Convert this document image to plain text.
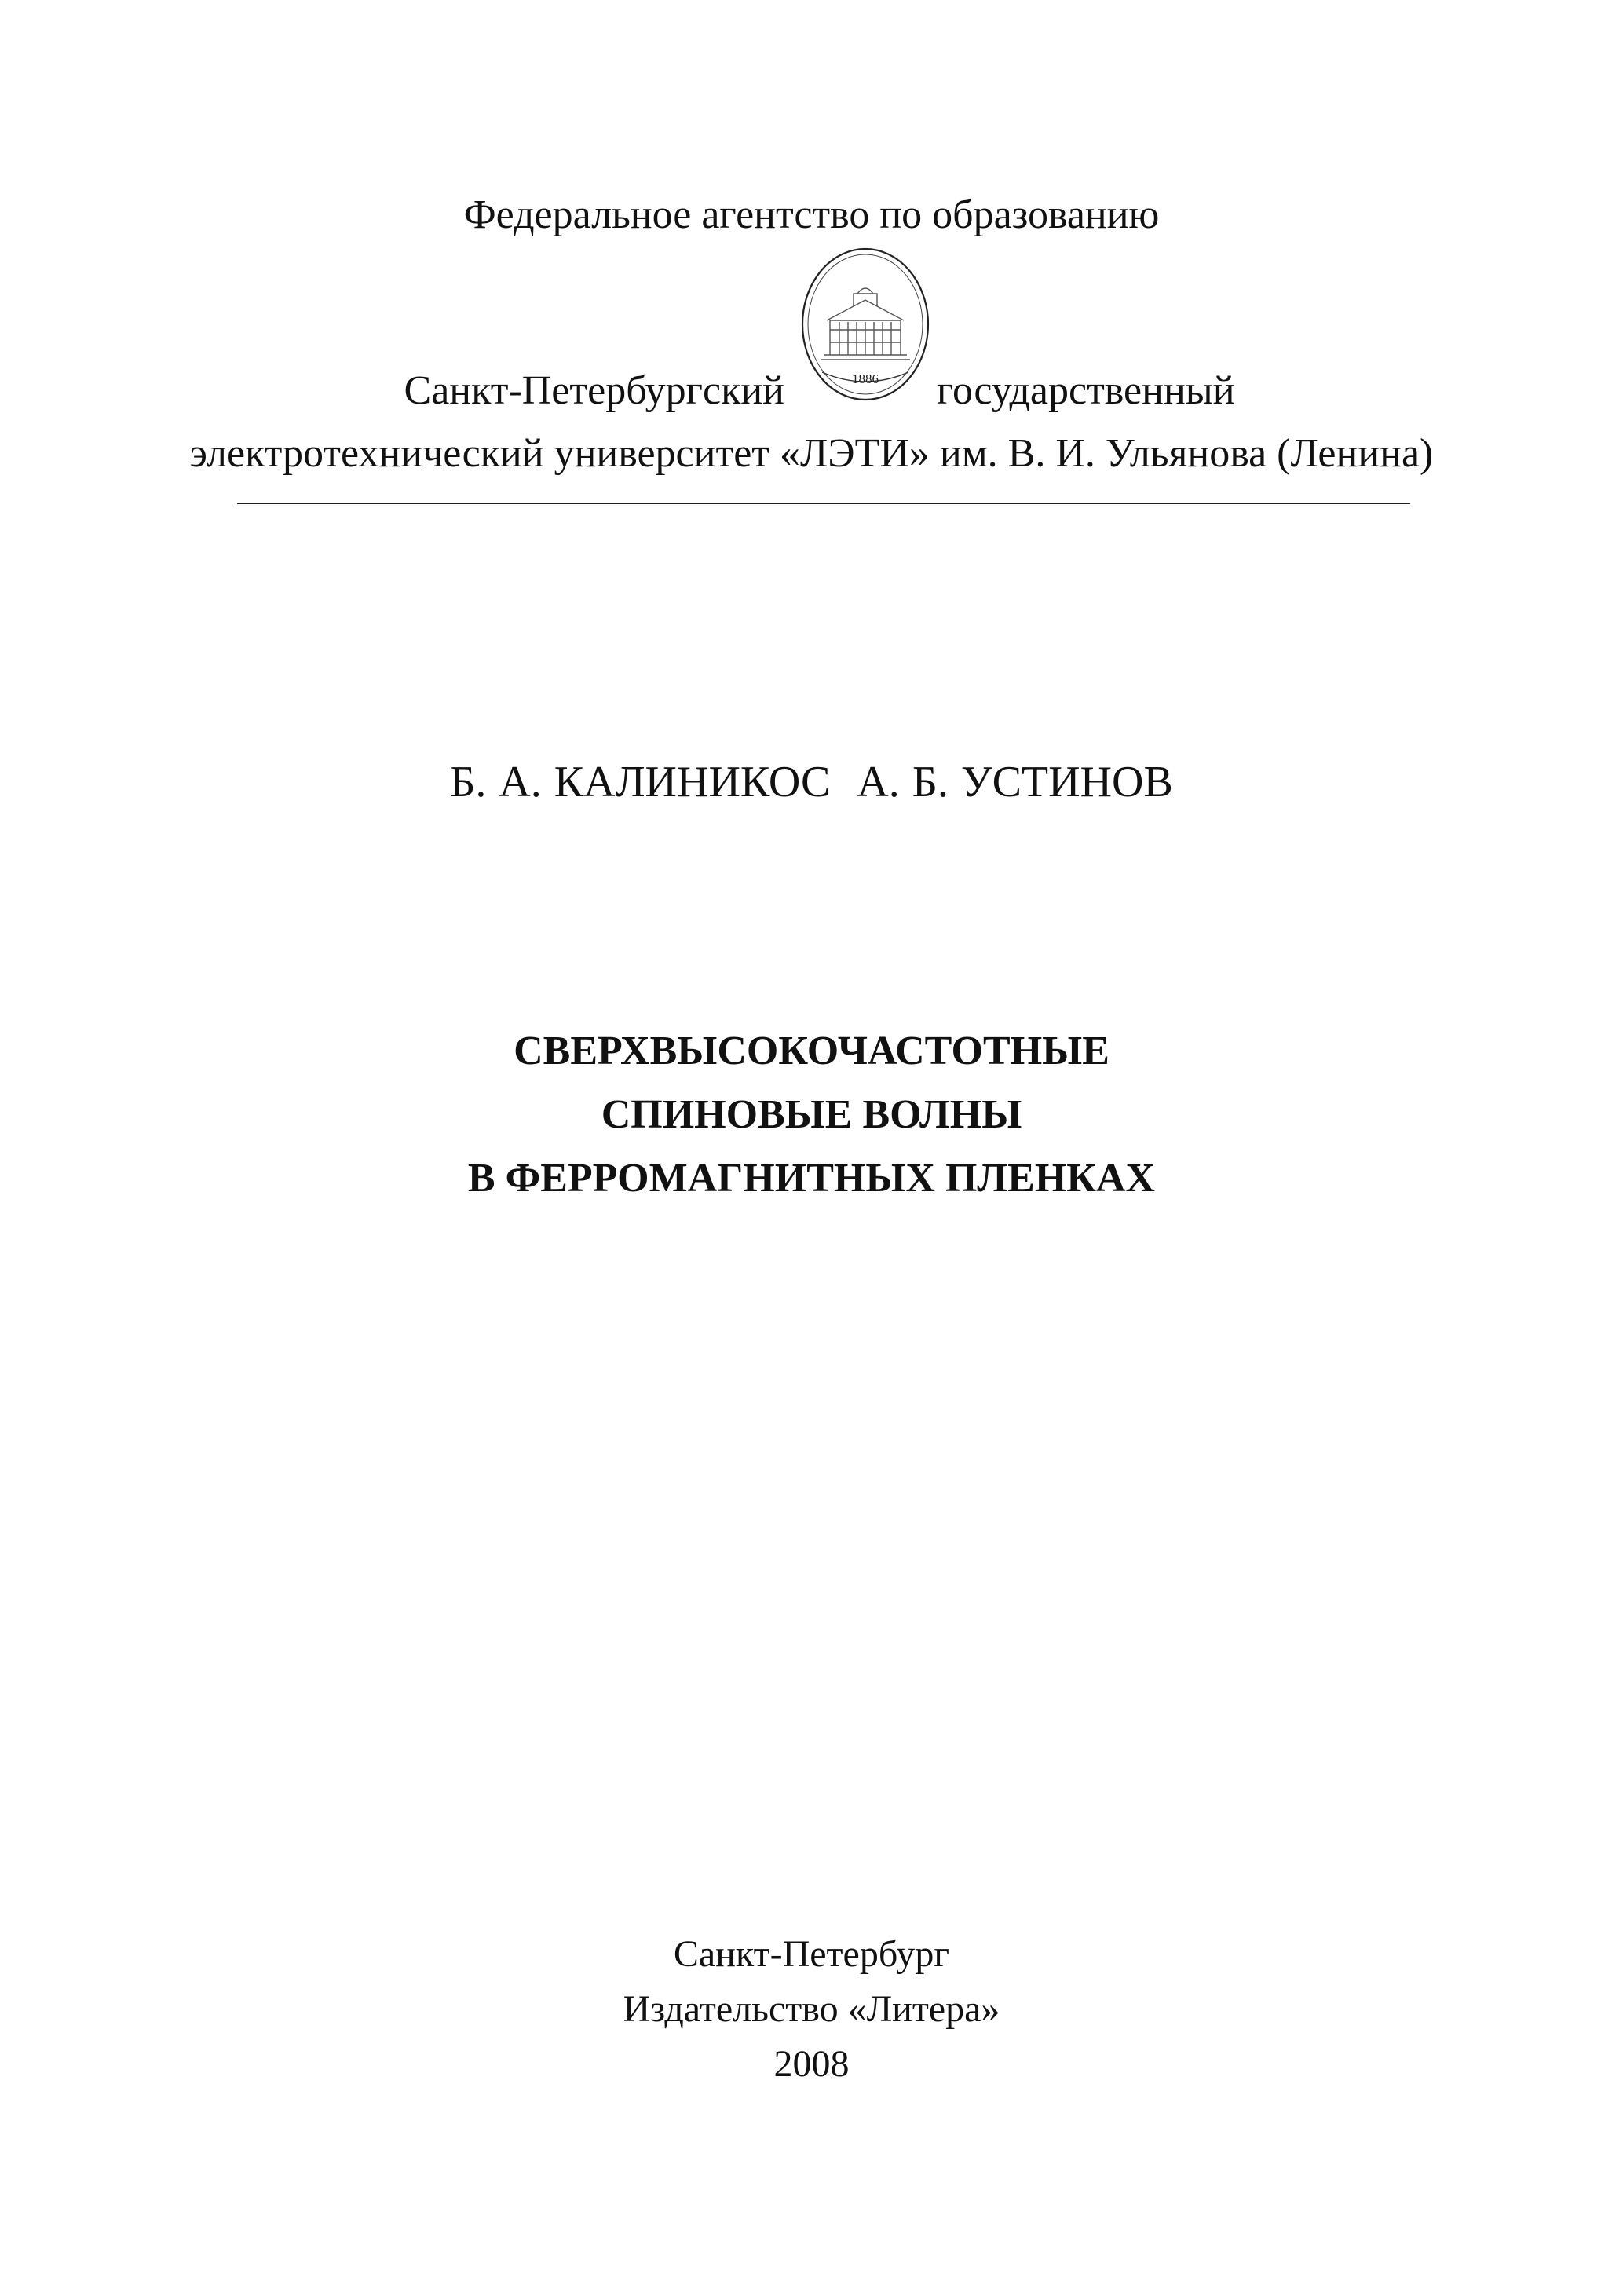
Федеральное агентство по образованию
1886
Санкт-Петербургский	государственный
электротехнический университет «ЛЭТИ» им. В. И. Ульянова (Ленина)
Б. А. КАЛИНИКОС А. Б. УСТИНОВ
СВЕРХВЫСОКОЧАСТОТНЫЕ
СПИНОВЫЕ ВОЛНЫ
В ФЕРРОМАГНИТНЫХ ПЛЕНКАХ
Санкт-Петербург
Издательство «Литера»
2008
